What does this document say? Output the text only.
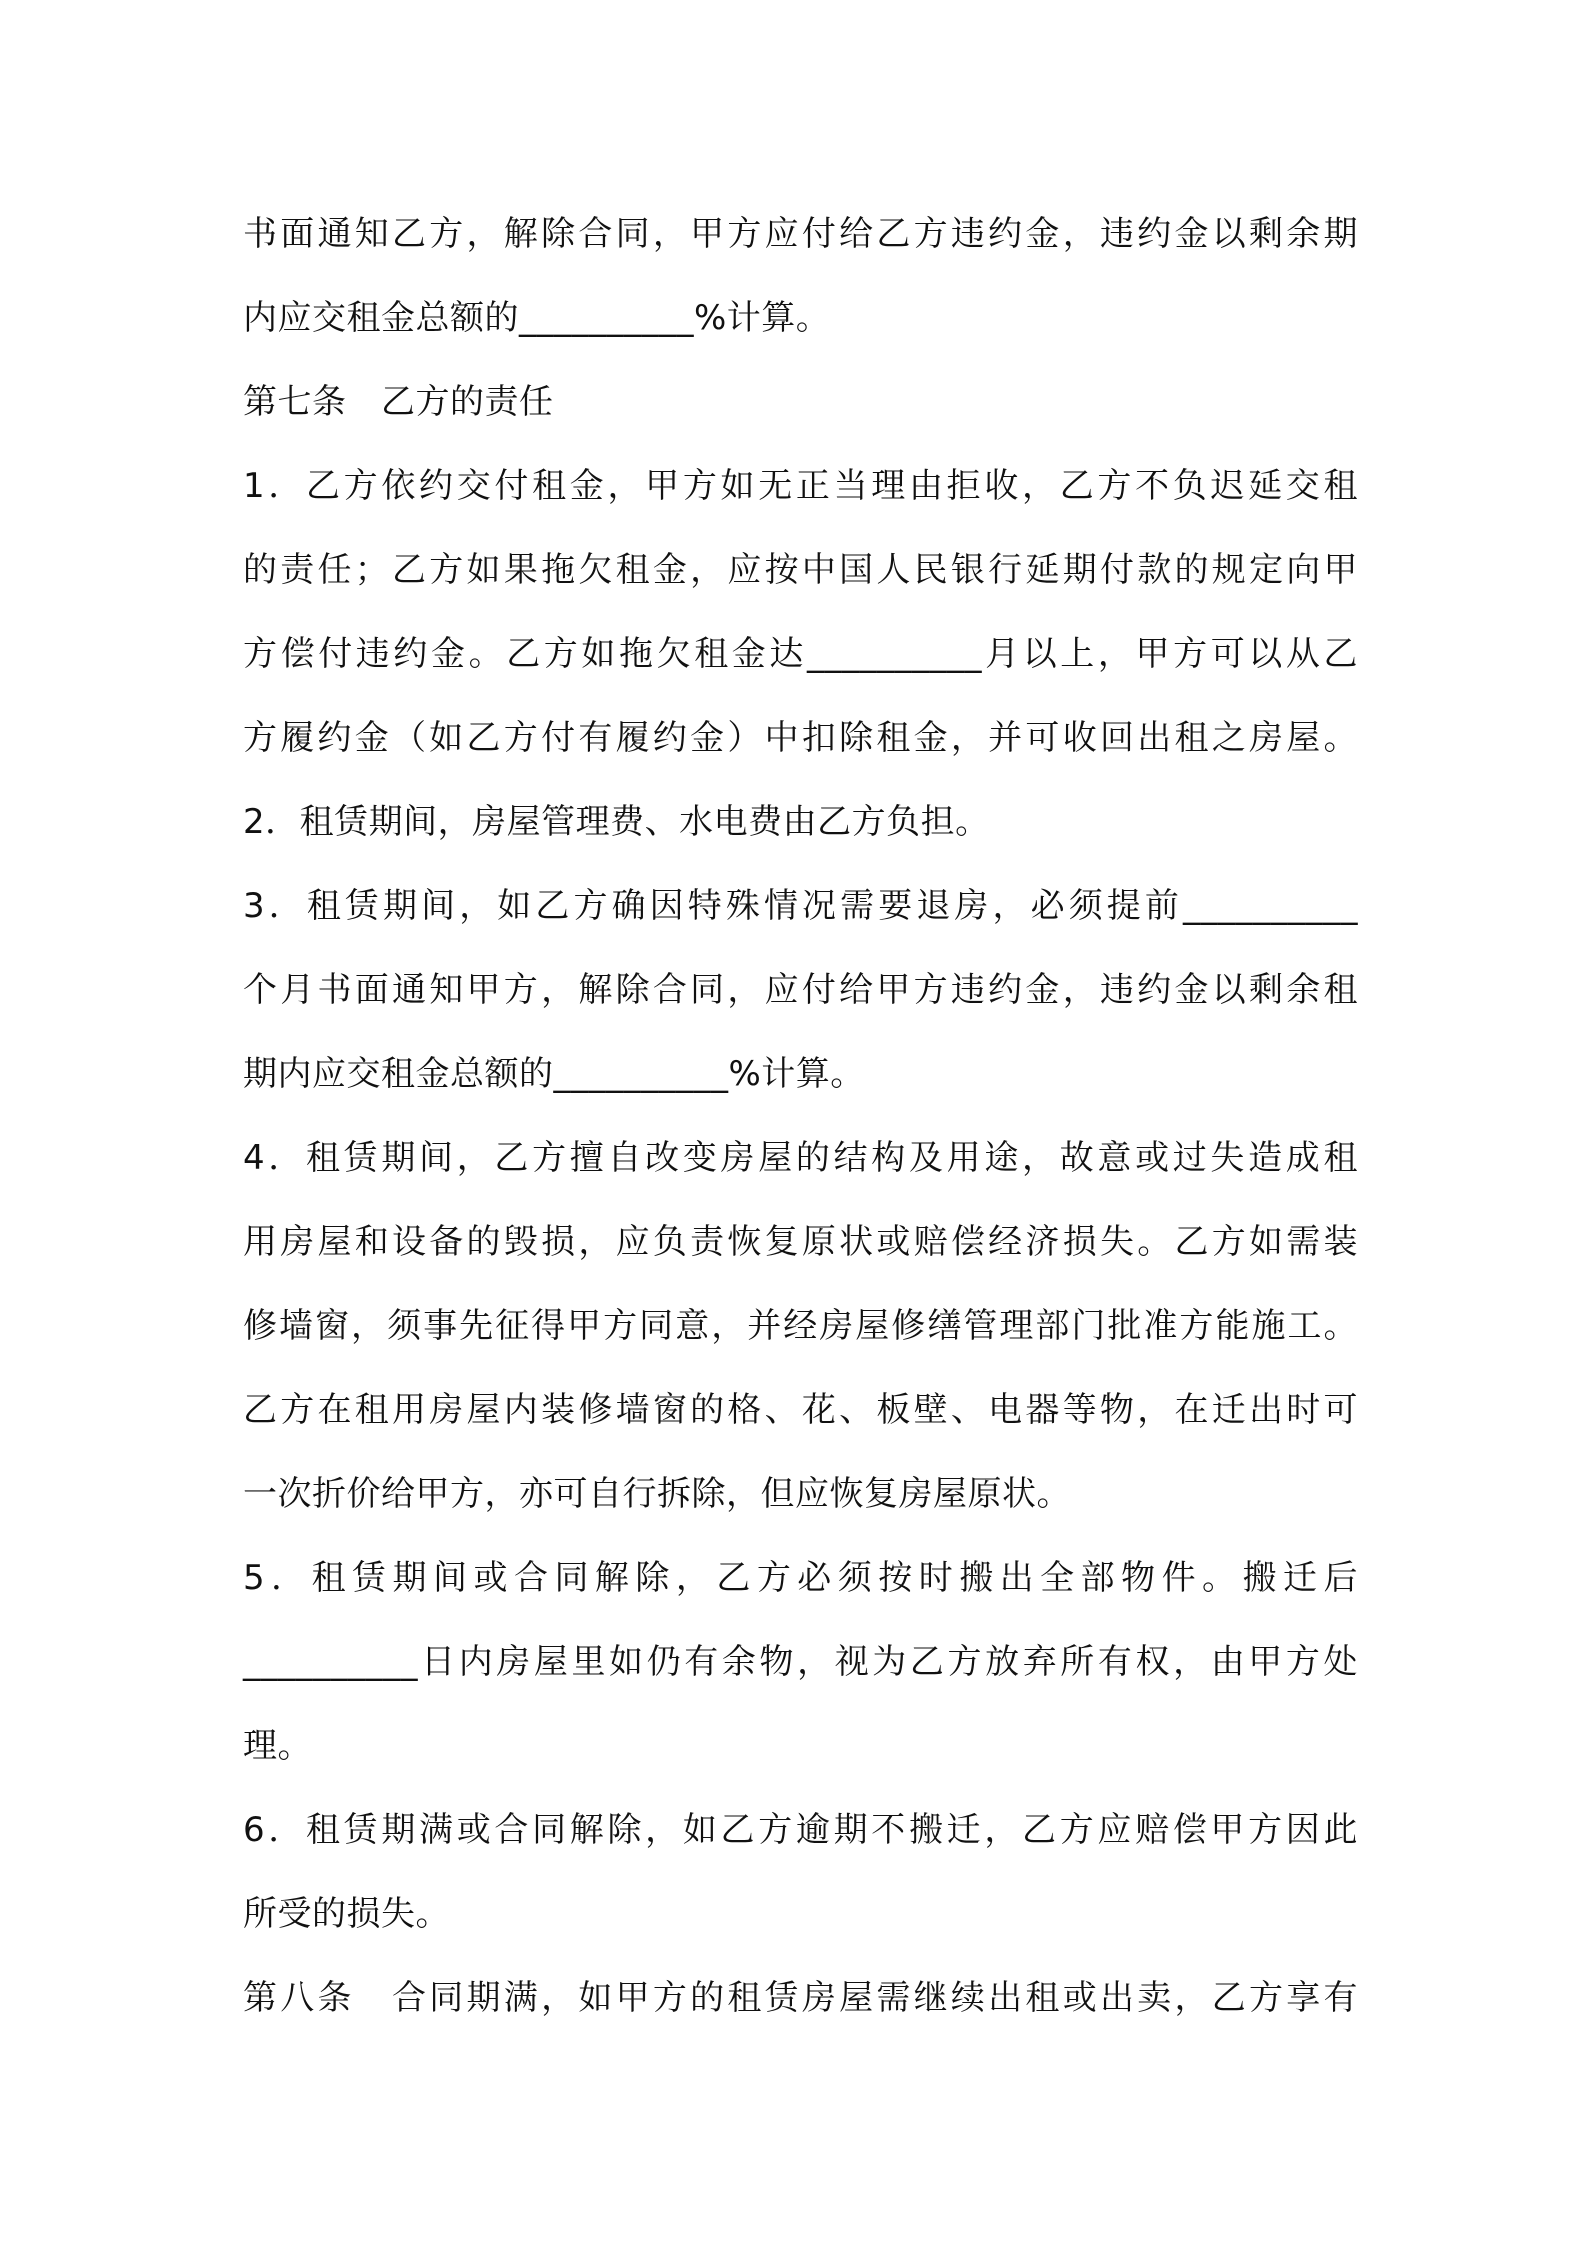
书面通知乙方，解除合同，甲方应付给乙方违约金，违约金以剩余期
内应交租金总额的__________%计算。
第七条　乙方的责任
1．乙方依约交付租金，甲方如无正当理由拒收，乙方不负迟延交租
的责任；乙方如果拖欠租金，应按中国人民银行延期付款的规定向甲
方偿付违约金。乙方如拖欠租金达__________月以上，甲方可以从乙
方履约金（如乙方付有履约金）中扣除租金，并可收回出租之房屋。
2．租赁期间，房屋管理费、水电费由乙方负担。
3．租赁期间，如乙方确因特殊情况需要退房，必须提前__________
个月书面通知甲方，解除合同，应付给甲方违约金，违约金以剩余租
期内应交租金总额的__________%计算。
4．租赁期间，乙方擅自改变房屋的结构及用途，故意或过失造成租
用房屋和设备的毁损，应负责恢复原状或赔偿经济损失。乙方如需装
修墙窗，须事先征得甲方同意，并经房屋修缮管理部门批准方能施工。
乙方在租用房屋内装修墙窗的格、花、板壁、电器等物，在迁出时可
一次折价给甲方，亦可自行拆除，但应恢复房屋原状。
5．租赁期间或合同解除，乙方必须按时搬出全部物件。搬迁后
__________日内房屋里如仍有余物，视为乙方放弃所有权，由甲方处
理。
6．租赁期满或合同解除，如乙方逾期不搬迁，乙方应赔偿甲方因此
所受的损失。
第八条　合同期满，如甲方的租赁房屋需继续出租或出卖，乙方享有
